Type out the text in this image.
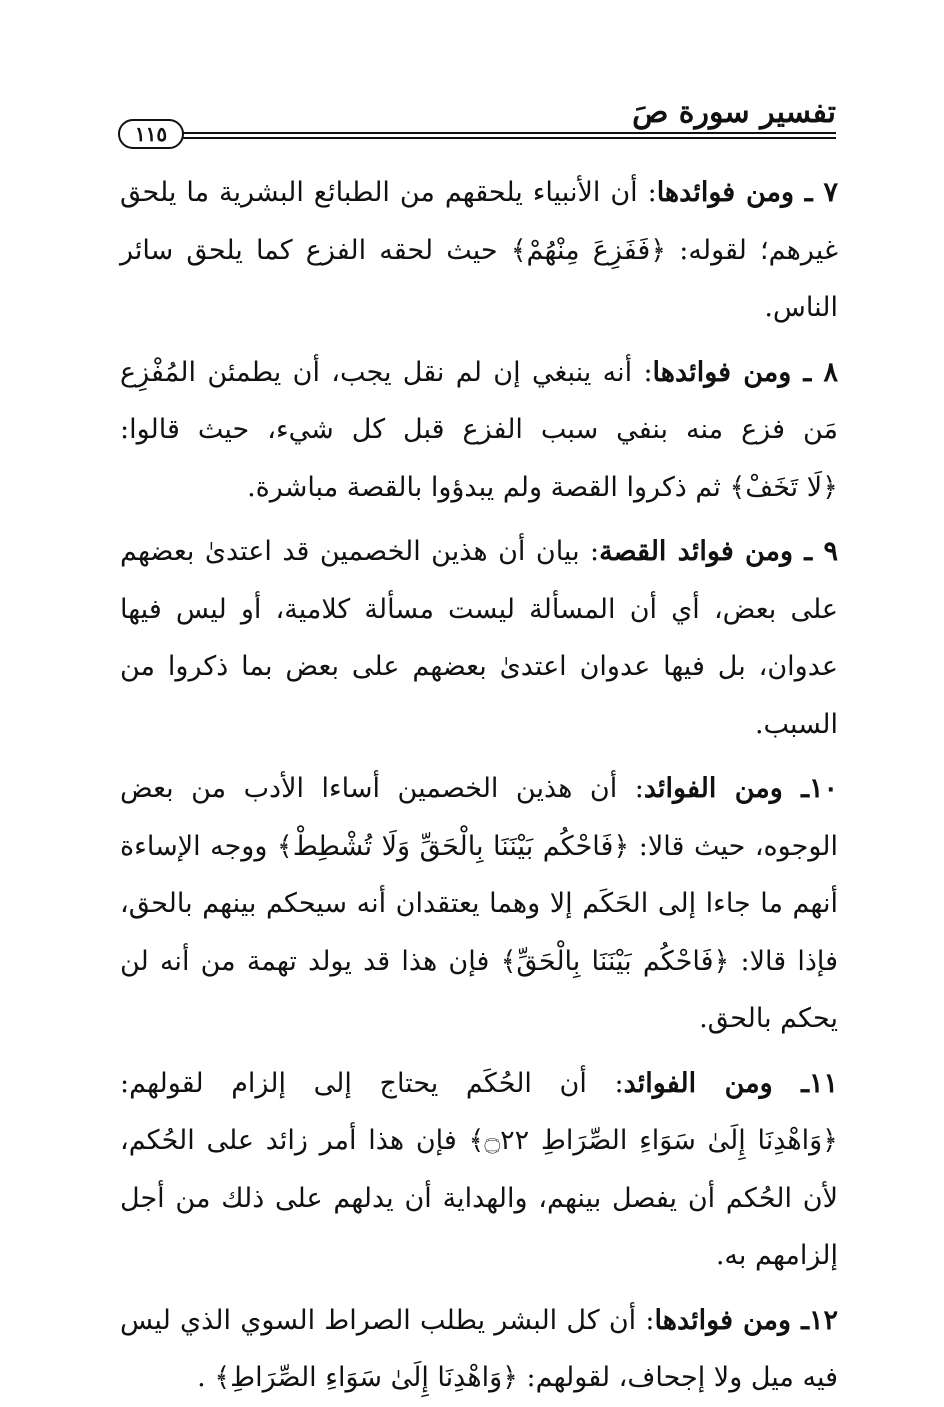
تفسير سورة صَ
١١٥

٧ ـ ومن فوائدها: أن الأنبياء يلحقهم من الطبائع البشرية ما يلحق غيرهم؛ لقوله: ﴿فَفَزِعَ مِنْهُمْ﴾ حيث لحقه الفزع كما يلحق سائر الناس.

٨ ـ ومن فوائدها: أنه ينبغي إن لم نقل يجب، أن يطمئن المُفْزِع مَن فزع منه بنفي سبب الفزع قبل كل شيء، حيث قالوا: ﴿لَا تَخَفْ﴾ ثم ذكروا القصة ولم يبدؤوا بالقصة مباشرة.

٩ ـ ومن فوائد القصة: بيان أن هذين الخصمين قد اعتدىٰ بعضهم على بعض، أي أن المسألة ليست مسألة كلامية، أو ليس فيها عدوان، بل فيها عدوان اعتدىٰ بعضهم على بعض بما ذكروا من السبب.

١٠ـ ومن الفوائد: أن هذين الخصمين أساءا الأدب من بعض الوجوه، حيث قالا: ﴿فَاحْكُم بَيْنَنَا بِالْحَقِّ وَلَا تُشْطِطْ﴾ ووجه الإساءة أنهم ما جاءا إلى الحَكَم إلا وهما يعتقدان أنه سيحكم بينهم بالحق، فإذا قالا: ﴿فَاحْكُم بَيْنَنَا بِالْحَقِّ﴾ فإن هذا قد يولد تهمة من أنه لن يحكم بالحق.

١١ـ ومن الفوائد: أن الحُكَم يحتاج إلى إلزام لقولهم: ﴿وَاهْدِنَا إِلَىٰ سَوَاءِ الصِّرَاطِ ۝٢٢﴾ فإن هذا أمر زائد على الحُكم، لأن الحُكم أن يفصل بينهم، والهداية أن يدلهم على ذلك من أجل إلزامهم به.

١٢ـ ومن فوائدها: أن كل البشر يطلب الصراط السوي الذي ليس فيه ميل ولا إجحاف، لقولهم: ﴿وَاهْدِنَا إِلَىٰ سَوَاءِ الصِّرَاطِ﴾ .
